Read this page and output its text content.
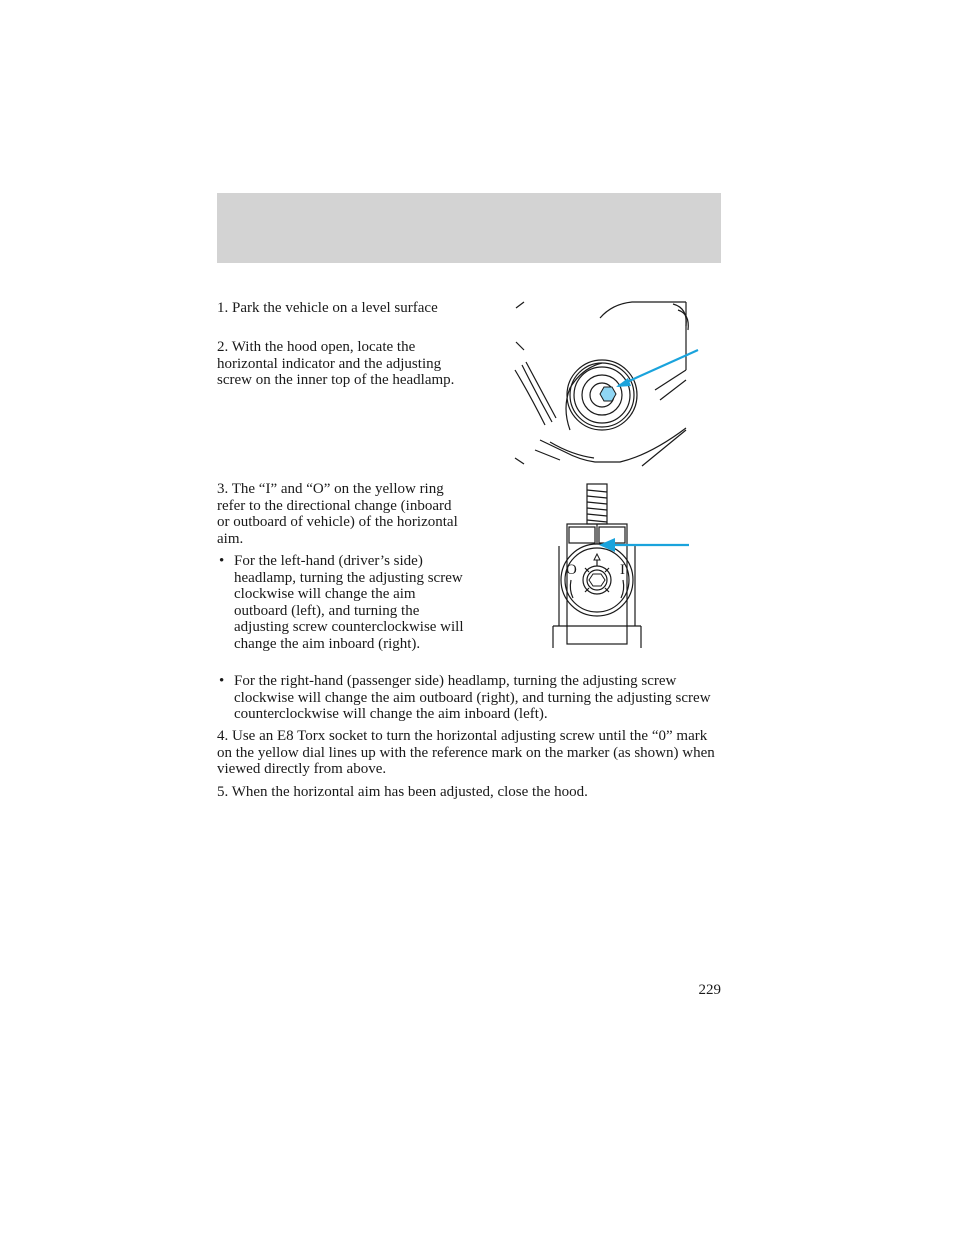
1. Park the vehicle on a level surface

2. With the hood open, locate the horizontal indicator and the adjusting screw on the inner top of the headlamp.

3. The “I” and “O” on the yellow ring refer to the directional change (inboard or outboard of vehicle) of the horizontal aim.

• For the left-hand (driver’s side) headlamp, turning the adjusting screw clockwise will change the aim outboard (left), and turning the adjusting screw counterclockwise will change the aim inboard (right).
O	I
• For the right-hand (passenger side) headlamp, turning the adjusting screw clockwise will change the aim outboard (right), and turning the adjusting screw counterclockwise will change the aim inboard (left).

4. Use an E8 Torx socket to turn the horizontal adjusting screw until the “0” mark on the yellow dial lines up with the reference mark on the marker (as shown) when viewed directly from above.

5. When the horizontal aim has been adjusted, close the hood.

229
